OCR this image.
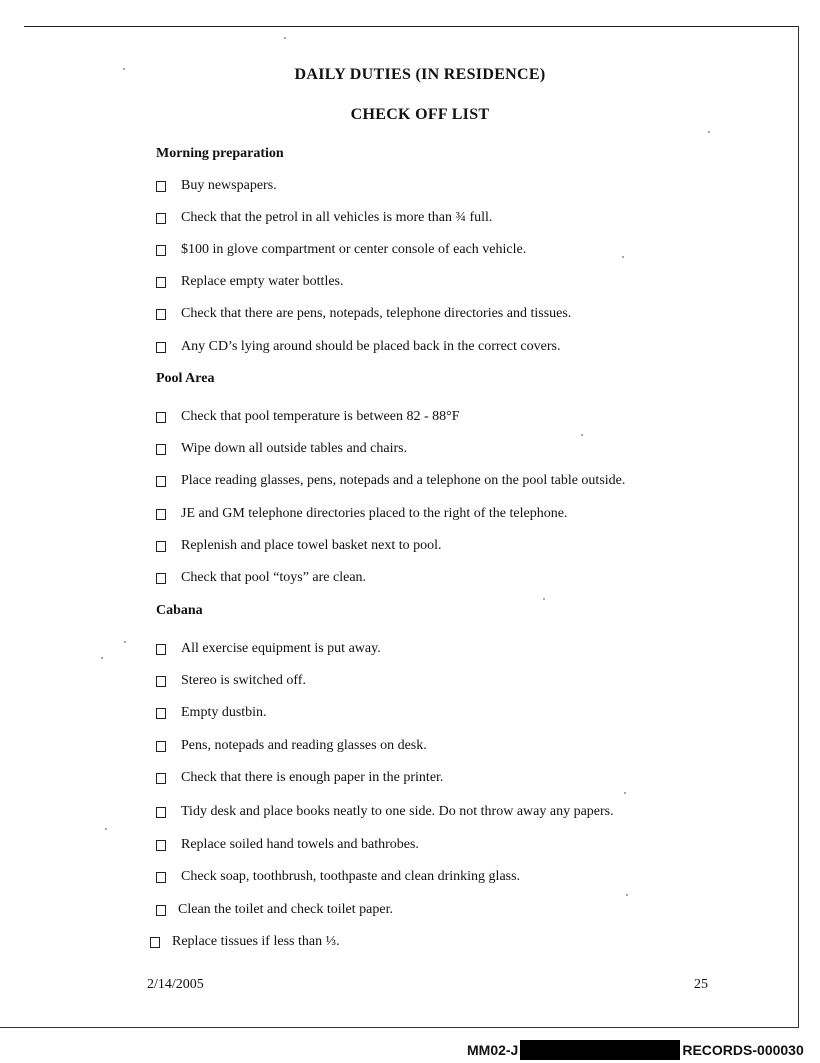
DAILY DUTIES (IN RESIDENCE)
CHECK OFF LIST
Morning preparation
Buy newspapers.
Check that the petrol in all vehicles is more than ¾ full.
$100 in glove compartment or center console of each vehicle.
Replace empty water bottles.
Check that there are pens, notepads, telephone directories and tissues.
Any CD’s lying around should be placed back in the correct covers.
Pool Area
Check that pool temperature is between 82 - 88°F
Wipe down all outside tables and chairs.
Place reading glasses, pens, notepads and a telephone on the pool table outside.
JE and GM telephone directories placed to the right of the telephone.
Replenish and place towel basket next to pool.
Check that pool “toys” are clean.
Cabana
All exercise equipment is put away.
Stereo is switched off.
Empty dustbin.
Pens, notepads and reading glasses on desk.
Check that there is enough paper in the printer.
Tidy desk and place books neatly to one side. Do not throw away any papers.
Replace soiled hand towels and bathrobes.
Check soap, toothbrush, toothpaste and clean drinking glass.
Clean the toilet and check toilet paper.
Replace tissues if less than ⅓.
2/14/2005	25
MM02-J	RECORDS-000030
